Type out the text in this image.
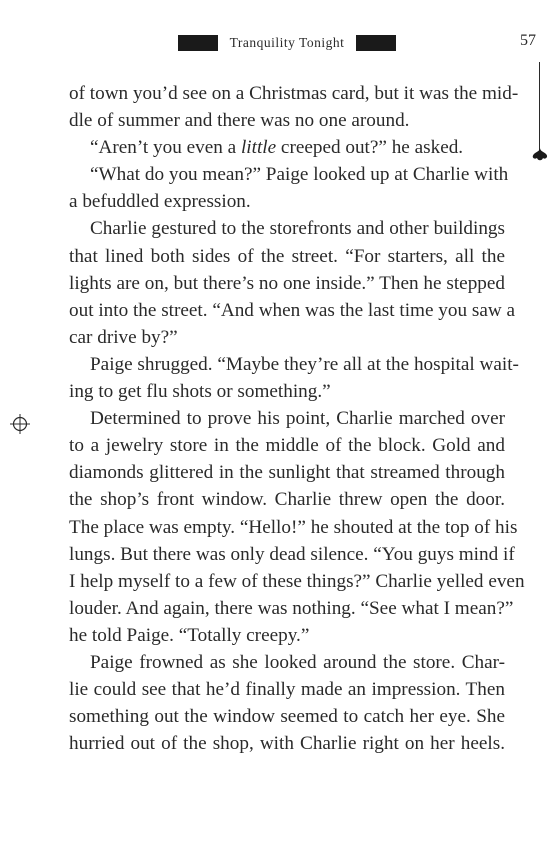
Tranquility Tonight	57
of town you’d see on a Christmas card, but it was the mid-
dle of summer and there was no one around.
“Aren’t you even a little creeped out?” he asked.
“What do you mean?” Paige looked up at Charlie with
a befuddled expression.
Charlie gestured to the storefronts and other buildings
that lined both sides of the street. “For starters, all the
lights are on, but there’s no one inside.” Then he stepped
out into the street. “And when was the last time you saw a
car drive by?”
Paige shrugged. “Maybe they’re all at the hospital wait-
ing to get flu shots or something.”
Determined to prove his point, Charlie marched over
to a jewelry store in the middle of the block. Gold and
diamonds glittered in the sunlight that streamed through
the shop’s front window. Charlie threw open the door.
The place was empty. “Hello!” he shouted at the top of his
lungs. But there was only dead silence. “You guys mind if
I help myself to a few of these things?” Charlie yelled even
louder. And again, there was nothing. “See what I mean?”
he told Paige. “Totally creepy.”
Paige frowned as she looked around the store. Char-
lie could see that he’d finally made an impression. Then
something out the window seemed to catch her eye. She
hurried out of the shop, with Charlie right on her heels.
